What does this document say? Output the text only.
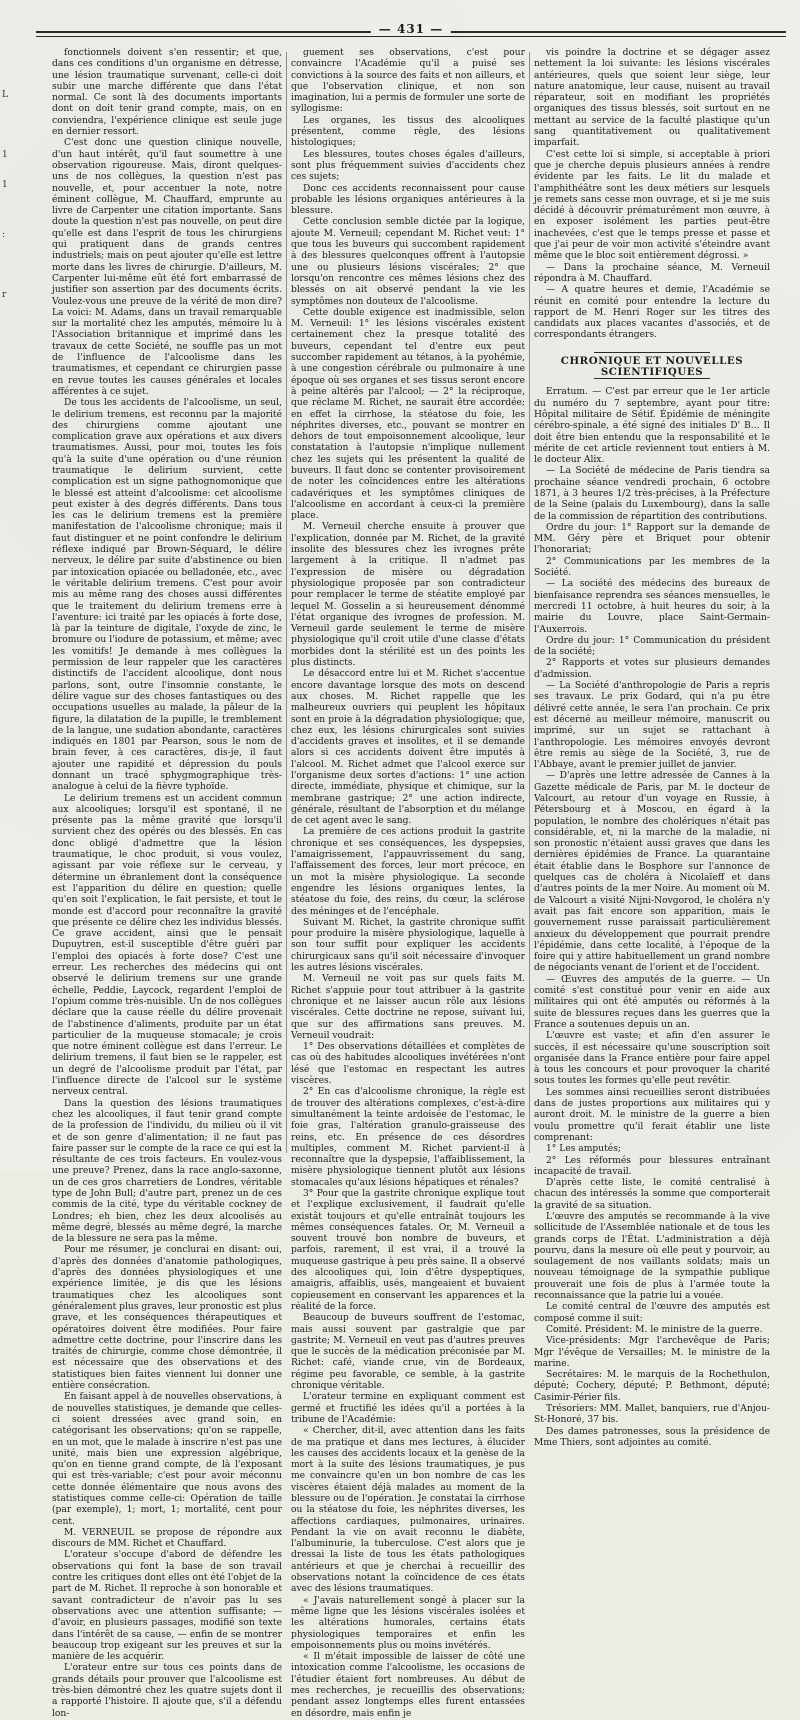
— 431 —
L
1
1
:
r

fonctionnels doivent s'en ressentir; et que, dans ces conditions d'un organisme en détresse, une lésion traumatique survenant, celle-ci doit subir une marche différente que dans l'état normal. Ce sont là des documents importants dont on doit tenir grand compte, mais, on en conviendra, l'expérience clinique est seule juge en dernier ressort.

C'est donc une question clinique nouvelle, d'un haut intérêt, qu'il faut soumettre à une observation rigoureuse. Mais, diront quelques-uns de nos collègues, la question n'est pas nouvelle, et, pour accentuer la note, notre éminent collègue, M. Chauffard, emprunte au livre de Carpenter une citation importante. Sans doute la question n'est pas nouvelle, on peut dire qu'elle est dans l'esprit de tous les chirurgiens qui pratiquent dans de grands centres industriels; mais on peut ajouter qu'elle est lettre morte dans les livres de chirurgie. D'ailleurs, M. Carpenter lui-même eût été fort embarrassé de justifier son assertion par des documents écrits. Voulez-vous une preuve de la vérité de mon dire? La voici: M. Adams, dans un travail remarquable sur la mortalité chez les amputés, mémoire lu à l'Association britannique et imprimé dans les travaux de cette Société, ne souffle pas un mot de l'influence de l'alcoolisme dans les traumatismes, et cependant ce chirurgien passe en revue toutes les causes générales et locales afférentes à ce sujet.

De tous les accidents de l'alcoolisme, un seul, le delirium tremens, est reconnu par la majorité des chirurgiens comme ajoutant une complication grave aux opérations et aux divers traumatismes. Aussi, pour moi, toutes les fois qu'à la suite d'une opération ou d'une réunion traumatique le delirium survient, cette complication est un signe pathognomonique que le blessé est atteint d'alcoolisme: cet alcoolisme peut exister à des degrés différents. Dans tous les cas le delirium tremens est la première manifestation de l'alcoolisme chronique; mais il faut distinguer et ne point confondre le delirium réflexe indiqué par Brown-Séquard, le délire nerveux, le délire par suite d'abstinence ou bien par intoxication opiacée ou belladonée, etc., avec le véritable delirium tremens. C'est pour avoir mis au même rang des choses aussi différentes que le traitement du delirium tremens erre à l'aventure: ici traité par les opiacés à forte dose, là par la teinture de digitale, l'oxyde de zinc, le bromure ou l'iodure de potassium, et même; avec les vomitifs! Je demande à mes collègues la permission de leur rappeler que les caractères distinctifs de l'accident alcoolique, dont nous parlons, sont, outre l'insomnie constante, le délire vague sur des choses fantastiques ou des occupations usuelles au malade, la pâleur de la figure, la dilatation de la pupille, le tremblement de la langue, une sudation abondante, caractères indiqués en 1801 par Pearson, sous le nom de brain fever, à ces caractères, dis-je, il faut ajouter une rapidité et dépression du pouls donnant un tracé sphygmographique très-analogue à celui de la fièvre typhoïde.

Le delirium tremens est un accident commun aux alcooliques; lorsqu'il est spontané, il ne présente pas la même gravité que lorsqu'il survient chez des opérés ou des blessés. En cas donc obligé d'admettre que la lésion traumatique, le choc produit, si vous voulez, agissant par voie réflexe sur le cerveau, y détermine un ébranlement dont la conséquence est l'apparition du délire en question; quelle qu'en soit l'explication, le fait persiste, et tout le monde est d'accord pour reconnaître la gravité que présente ce délire chez les individus blessés. Ce grave accident, ainsi que le pensait Dupuytren, est-il susceptible d'être guéri par l'emploi des opiacés à forte dose? C'est une erreur. Les recherches des médecins qui ont observé le delirium tremens sur une grande échelle, Peddie, Laycock, regardent l'emploi de l'opium comme très-nuisible. Un de nos collègues déclare que la cause réelle du délire provenait de l'abstinence d'aliments, produite par un état particulier de la muqueuse stomacale; je crois que notre éminent collègue est dans l'erreur. Le delirium tremens, il faut bien se le rappeler, est un degré de l'alcoolisme produit par l'état, par l'influence directe de l'alcool sur le système nerveux central.

Dans la question des lésions traumatiques chez les alcooliques, il faut tenir grand compte de la profession de l'individu, du milieu où il vit et de son genre d'alimentation; il ne faut pas faire passer sur le compte de la race ce qui est la résultante de ces trois facteurs. En voulez-vous une preuve? Prenez, dans la race anglo-saxonne, un de ces gros charretiers de Londres, véritable type de John Bull; d'autre part, prenez un de ces commis de la cité, type du véritable cockney de Londres; eh bien, chez les deux alcoolisés au même degré, blessés au même degré, la marche de la blessure ne sera pas la même.

Pour me résumer, je conclurai en disant: oui, d'après des données d'anatomie pathologiques, d'après des données physiologiques et une expérience limitée, je dis que les lésions traumatiques chez les alcooliques sont généralement plus graves, leur pronostic est plus grave, et les conséquences thérapeutiques et opératoires doivent être modifiées. Pour faire admettre cette doctrine, pour l'inscrire dans les traités de chirurgie, comme chose démontrée, il est nécessaire que des observations et des statistiques bien faites viennent lui donner une entière consécration.

En faisant appel à de nouvelles observations, à de nouvelles statistiques, je demande que celles-ci soient dressées avec grand soin, en catégorisant les observations; qu'on se rappelle, en un mot, que le malade à inscrire n'est pas une unité, mais bien une expression algébrique, qu'on en tienne grand compte, de là l'exposant qui est très-variable; c'est pour avoir méconnu cette donnée élémentaire que nous avons des statistiques comme celle-ci: Opération de taille (par exemple), 1; mort, 1; mortalité, cent pour cent.

M. VERNEUIL se propose de répondre aux discours de MM. Richet et Chauffard.

L'orateur s'occupe d'abord de défendre les observations qui font la base de son travail contre les critiques dont elles ont été l'objet de la part de M. Richet. Il reproche à son honorable et savant contradicteur de n'avoir pas lu ses observations avec une attention suffisante; — d'avoir, en plusieurs passages, modifié son texte dans l'intérêt de sa cause, — enfin de se montrer beaucoup trop exigeant sur les preuves et sur la manière de les acquérir.

L'orateur entre sur tous ces points dans de grands détails pour prouver que l'alcoolisme est très-bien démontré chez les quatre sujets dont il a rapporté l'histoire. Il ajoute que, s'il a défendu lon-

guement ses observations, c'est pour convaincre l'Académie qu'il a puisé ses convictions à la source des faits et non ailleurs, et que l'observation clinique, et non son imagination, lui a permis de formuler une sorte de syllogisme:

Les organes, les tissus des alcooliques présentent, comme règle, des lésions histologiques;

Les blessures, toutes choses égales d'ailleurs, sont plus fréquemment suivies d'accidents chez ces sujets;

Donc ces accidents reconnaissent pour cause probable les lésions organiques antérieures à la blessure.

Cette conclusion semble dictée par la logique, ajoute M. Verneuil; cependant M. Richet veut: 1° que tous les buveurs qui succombent rapidement à des blessures quelconques offrent à l'autopsie une ou plusieurs lésions viscérales; 2° que lorsqu'on rencontre ces mêmes lésions chez des blessés on ait observé pendant la vie les symptômes non douteux de l'alcoolisme.

Cette double exigence est inadmissible, selon M. Verneuil: 1° les lésions viscérales existent certainement chez la presque totalité des buveurs, cependant tel d'entre eux peut succomber rapidement au tétanos, à la pyohémie, à une congestion cérébrale ou pulmonaire à une époque où ses organes et ses tissus seront encore à peine altérés par l'alcool; — 2° la réciproque, que réclame M. Richet, ne saurait être accordée; en effet la cirrhose, la stéatose du foie, les néphrites diverses, etc., pouvant se montrer en dehors de tout empoisonnement alcoolique, leur constatation à l'autopsie n'implique nullement chez les sujets qui les présentent la qualité de buveurs. Il faut donc se contenter provisoirement de noter les coïncidences entre les altérations cadavériques et les symptômes cliniques de l'alcoolisme en accordant à ceux-ci la première place.

M. Verneuil cherche ensuite à prouver que l'explication, donnée par M. Richet, de la gravité insolite des blessures chez les ivrognes prête largement à la critique. Il n'admet pas l'expression de misère ou dégradation physiologique proposée par son contradicteur pour remplacer le terme de stéatite employé par lequel M. Gosselin a si heureusement dénommé l'état organique des ivrognes de profession. M. Verneuil garde seulement le terme de misère physiologique qu'il croit utile d'une classe d'états morbides dont la stérilité est un des points les plus distincts.

Le désaccord entre lui et M. Richet s'accentue encore davantage lorsque des mots on descend aux choses. M. Richet rappelle que les malheureux ouvriers qui peuplent les hôpitaux sont en proie à la dégradation physiologique; que, chez eux, les lésions chirurgicales sont suivies d'accidents graves et insolites, et il se demande alors si ces accidents doivent être imputés à l'alcool. M. Richet admet que l'alcool exerce sur l'organisme deux sortes d'actions: 1° une action directe, immédiate, physique et chimique, sur la membrane gastrique; 2° une action indirecte, générale, résultant de l'absorption et du mélange de cet agent avec le sang.

La première de ces actions produit la gastrite chronique et ses conséquences, les dyspepsies, l'amaigrissement, l'appauvrissement du sang, l'affaissement des forces, leur mort précoce, en un mot la misère physiologique. La seconde engendre les lésions organiques lentes, la stéatose du foie, des reins, du cœur, la sclérose des méninges et de l'encéphale.

Suivant M. Richet, la gastrite chronique suffit pour produire la misère physiologique, laquelle à son tour suffit pour expliquer les accidents chirurgicaux sans qu'il soit nécessaire d'invoquer les autres lésions viscérales.

M. Verneuil ne voit pas sur quels faits M. Richet s'appuie pour tout attribuer à la gastrite chronique et ne laisser aucun rôle aux lésions viscérales. Cette doctrine ne repose, suivant lui, que sur des affirmations sans preuves. M. Verneuil voudrait:

1° Des observations détaillées et complètes de cas où des habitudes alcooliques invétérées n'ont lésé que l'estomac en respectant les autres viscères.

2° En cas d'alcoolisme chronique, la règle est de trouver des altérations complexes, c'est-à-dire simultanément la teinte ardoisée de l'estomac, le foie gras, l'altération granulo-graisseuse des reins, etc. En présence de ces désordres multiples, comment M. Richet parvient-il à reconnaître que la dyspepsie, l'affaiblissement, la misère physiologique tiennent plutôt aux lésions stomacales qu'aux lésions hépatiques et rénales?

3° Pour que la gastrite chronique explique tout et l'explique exclusivement, il faudrait qu'elle existât toujours et qu'elle entraînât toujours les mêmes conséquences fatales. Or, M. Verneuil a souvent trouvé bon nombre de buveurs, et parfois, rarement, il est vrai, il a trouvé la muqueuse gastrique à peu près saine. Il a observé des alcooliques qui, loin d'être dyspeptiques, amaigris, affaiblis, usés, mangeaient et buvaient copieusement en conservant les apparences et la réalité de la force.

Beaucoup de buveurs souffrent de l'estomac, mais aussi souvent par gastralgie que par gastrite; M. Verneuil en veut pas d'autres preuves que le succès de la médication préconisée par M. Richet: café, viande crue, vin de Bordeaux, régime peu favorable, ce semble, à la gastrite chronique véritable.

L'orateur termine en expliquant comment est germé et fructifié les idées qu'il a portées à la tribune de l'Académie:

« Chercher, dit-il, avec attention dans les faits de ma pratique et dans mes lectures, à élucider les causes des accidents locaux et la genèse de la mort à la suite des lésions traumatiques, je pus me convaincre qu'en un bon nombre de cas les viscères étaient déjà malades au moment de la blessure ou de l'opération. Je constatai la cirrhose ou la stéatose du foie, les néphrites diverses, les affections cardiaques, pulmonaires, urinaires. Pendant la vie on avait reconnu le diabète, l'albuminurie, la tuberculose. C'est alors que je dressai la liste de tous les états pathologiques antérieurs et que je cherchai à recueillir des observations notant la coïncidence de ces états avec des lésions traumatiques.

« J'avais naturellement songé à placer sur la même ligne que les lésions viscérales isolées et les altérations humorales, certains états physiologiques temporaires et enfin les empoisonnements plus ou moins invétérés.

« Il m'était impossible de laisser de côté une intoxication comme l'alcoolisme, les occasions de l'étudier étaient fort nombreuses. Au début de mes recherches, je recueillis des observations; pendant assez longtemps elles furent entassées en désordre, mais enfin je

vis poindre la doctrine et se dégager assez nettement la loi suivante: les lésions viscérales antérieures, quels que soient leur siège, leur nature anatomique, leur cause, nuisent au travail réparateur, soit en modifiant les propriétés organiques des tissus blessés, soit surtout en ne mettant au service de la faculté plastique qu'un sang quantitativement ou qualitativement imparfait.

C'est cette loi si simple, si acceptable à priori que je cherche depuis plusieurs années à rendre évidente par les faits. Le lit du malade et l'amphithéâtre sont les deux métiers sur lesquels je remets sans cesse mon ouvrage, et si je me suis décidé à découvrir prématurément mon œuvre, à en exposer isolément les parties peut-être inachevées, c'est que le temps presse et passe et que j'ai peur de voir mon activité s'éteindre avant même que le bloc soit entièrement dégrossi. »

— Dans la prochaine séance, M. Verneuil répondra à M. Chauffard.

— A quatre heures et demie, l'Académie se réunit en comité pour entendre la lecture du rapport de M. Henri Roger sur les titres des candidats aux places vacantes d'associés, et de correspondants étrangers.

CHRONIQUE ET NOUVELLES SCIENTIFIQUES

Erratum. — C'est par erreur que le 1er article du numéro du 7 septembre, ayant pour titre: Hôpital militaire de Sétif. Épidémie de méningite cérébro-spinale, a été signé des initiales D' B... Il doit être bien entendu que la responsabilité et le mérite de cet article reviennent tout entiers à M. le docteur Alix.

— La Société de médecine de Paris tiendra sa prochaine séance vendredi prochain, 6 octobre 1871, à 3 heures 1/2 très-précises, à la Préfecture de la Seine (palais du Luxembourg), dans la salle de la commission de répartition des contributions.

Ordre du jour: 1° Rapport sur la demande de MM. Géry père et Briquet pour obtenir l'honorariat;

2° Communications par les membres de la Société.

— La société des médecins des bureaux de bienfaisance reprendra ses séances mensuelles, le mercredi 11 octobre, à huit heures du soir, à la mairie du Louvre, place Saint-Germain-l'Auxerrois.

Ordre du jour: 1° Communication du président de la société;

2° Rapports et votes sur plusieurs demandes d'admission.

— La Société d'anthropologie de Paris a repris ses travaux. Le prix Godard, qui n'a pu être délivré cette année, le sera l'an prochain. Ce prix est décerné au meilleur mémoire, manuscrit ou imprimé, sur un sujet se rattachant à l'anthropologie. Les mémoires envoyés devront être remis au siège de la Société, 3, rue de l'Abbaye, avant le premier juillet de janvier.

— D'après une lettre adressée de Cannes à la Gazette médicale de Paris, par M. le docteur de Valcourt, au retour d'un voyage en Russie, à Pétersbourg et à Moscou, en égard à la population, le nombre des cholériques n'était pas considérable, et, ni la marche de la maladie, ni son pronostic n'étaient aussi graves que dans les dernières épidémies de France. La quarantaine était établie dans le Bosphore sur l'annonce de quelques cas de choléra à Nicolaïeff et dans d'autres points de la mer Noire. Au moment où M. de Valcourt a visité Nijni-Novgorod, le choléra n'y avait pas fait encore son apparition, mais le gouvernement russe paraissait particulièrement anxieux du développement que pourrait prendre l'épidémie, dans cette localité, à l'époque de la foire qui y attire habituellement un grand nombre de négociants venant de l'orient et de l'occident.

— Œuvres des amputés de la guerre. — Un comité s'est constitué pour venir en aide aux militaires qui ont été amputés ou réformés à la suite de blessures reçues dans les guerres que la France a soutenues depuis un an.

L'œuvre est vaste; et afin d'en assurer le succès, il est nécessaire qu'une souscription soit organisée dans la France entière pour faire appel à tous les concours et pour provoquer la charité sous toutes les formes qu'elle peut revêtir.

Les sommes ainsi recueillies seront distribuées dans de justes proportions aux militaires qui y auront droit. M. le ministre de la guerre a bien voulu promettre qu'il ferait établir une liste comprenant:

1° Les amputés;

2° Les réformés pour blessures entraînant incapacité de travail.

D'après cette liste, le comité centralisé à chacun des intéressés la somme que comporterait la gravité de sa situation.

L'œuvre des amputés se recommande à la vive sollicitude de l'Assemblée nationale et de tous les grands corps de l'État. L'administration a déjà pourvu, dans la mesure où elle peut y pourvoir, au soulagement de nos vaillants soldats; mais un nouveau témoignage de la sympathie publique prouverait une fois de plus à l'armée toute la reconnaissance que la patrie lui a vouée.

Le comité central de l'œuvre des amputés est composé comme il suit:

Comité. Président: M. le ministre de la guerre.

Vice-présidents: Mgr l'archevêque de Paris; Mgr l'évêque de Versailles; M. le ministre de la marine.

Secrétaires: M. le marquis de la Rochethulon, député; Cochery, député; P. Bethmont, député; Casimir-Périer fils.

Trésoriers: MM. Mallet, banquiers, rue d'Anjou-St-Honoré, 37 bis.

Des dames patronesses, sous la présidence de Mme Thiers, sont adjointes au comité.
